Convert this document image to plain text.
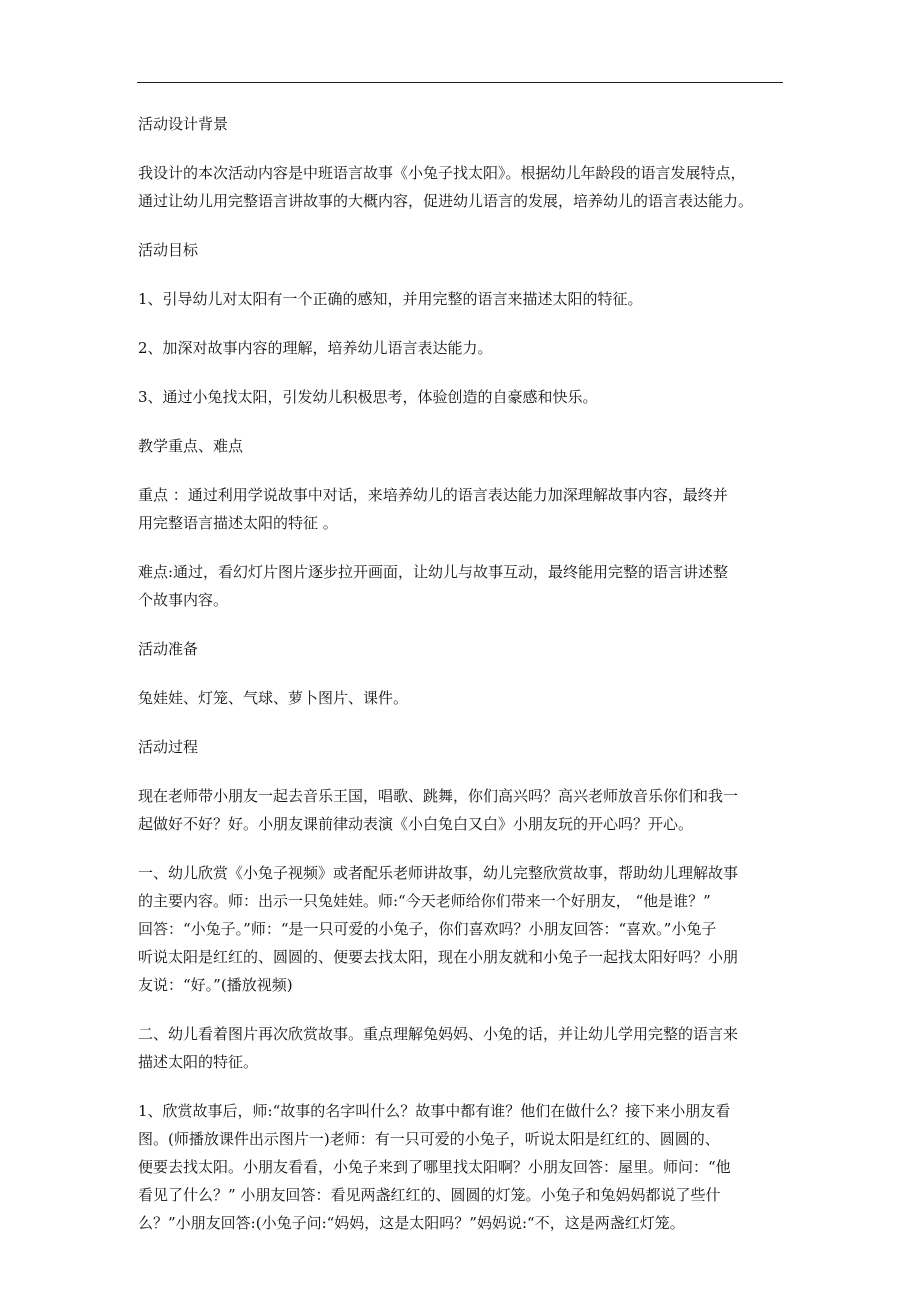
活动设计背景

我设计的本次活动内容是中班语言故事《小兔子找太阳》。根据幼儿年龄段的语言发展特点，
通过让幼儿用完整语言讲故事的大概内容，促进幼儿语言的发展，培养幼儿的语言表达能力。

活动目标

1、引导幼儿对太阳有一个正确的感知，并用完整的语言来描述太阳的特征。

2、加深对故事内容的理解，培养幼儿语言表达能力。

3、通过小兔找太阳，引发幼儿积极思考，体验创造的自豪感和快乐。

教学重点、难点

重点 ：通过利用学说故事中对话，来培养幼儿的语言表达能力加深理解故事内容，最终并
用完整语言描述太阳的特征 。

难点:通过，看幻灯片图片逐步拉开画面，让幼儿与故事互动，最终能用完整的语言讲述整
个故事内容。

活动准备

兔娃娃、灯笼、气球、萝卜图片、课件。

活动过程

现在老师带小朋友一起去音乐王国，唱歌、跳舞，你们高兴吗？高兴老师放音乐你们和我一
起做好不好？好。小朋友课前律动表演《小白兔白又白》小朋友玩的开心吗？开心。

一、幼儿欣赏《小兔子视频》或者配乐老师讲故事，幼儿完整欣赏故事，帮助幼儿理解故事
的主要内容。师：出示一只兔娃娃。师:“今天老师给你们带来一个好朋友， “他是谁？”
回答：“小兔子。”师：“是一只可爱的小兔子，你们喜欢吗？小朋友回答：“喜欢。”小兔子
听说太阳是红红的、圆圆的、便要去找太阳，现在小朋友就和小兔子一起找太阳好吗？小朋
友说：“好。”(播放视频)

二、幼儿看着图片再次欣赏故事。重点理解兔妈妈、小兔的话，并让幼儿学用完整的语言来
描述太阳的特征。

1、欣赏故事后，师:“故事的名字叫什么？故事中都有谁？他们在做什么？接下来小朋友看
图。(师播放课件出示图片一)老师：有一只可爱的小兔子，听说太阳是红红的、圆圆的、
便要去找太阳。小朋友看看，小兔子来到了哪里找太阳啊？小朋友回答：屋里。师问：“他
看见了什么？” 小朋友回答：看见两盏红红的、圆圆的灯笼。小兔子和兔妈妈都说了些什
么？”小朋友回答:(小兔子问:“妈妈，这是太阳吗？”妈妈说:“不，这是两盏红灯笼。
